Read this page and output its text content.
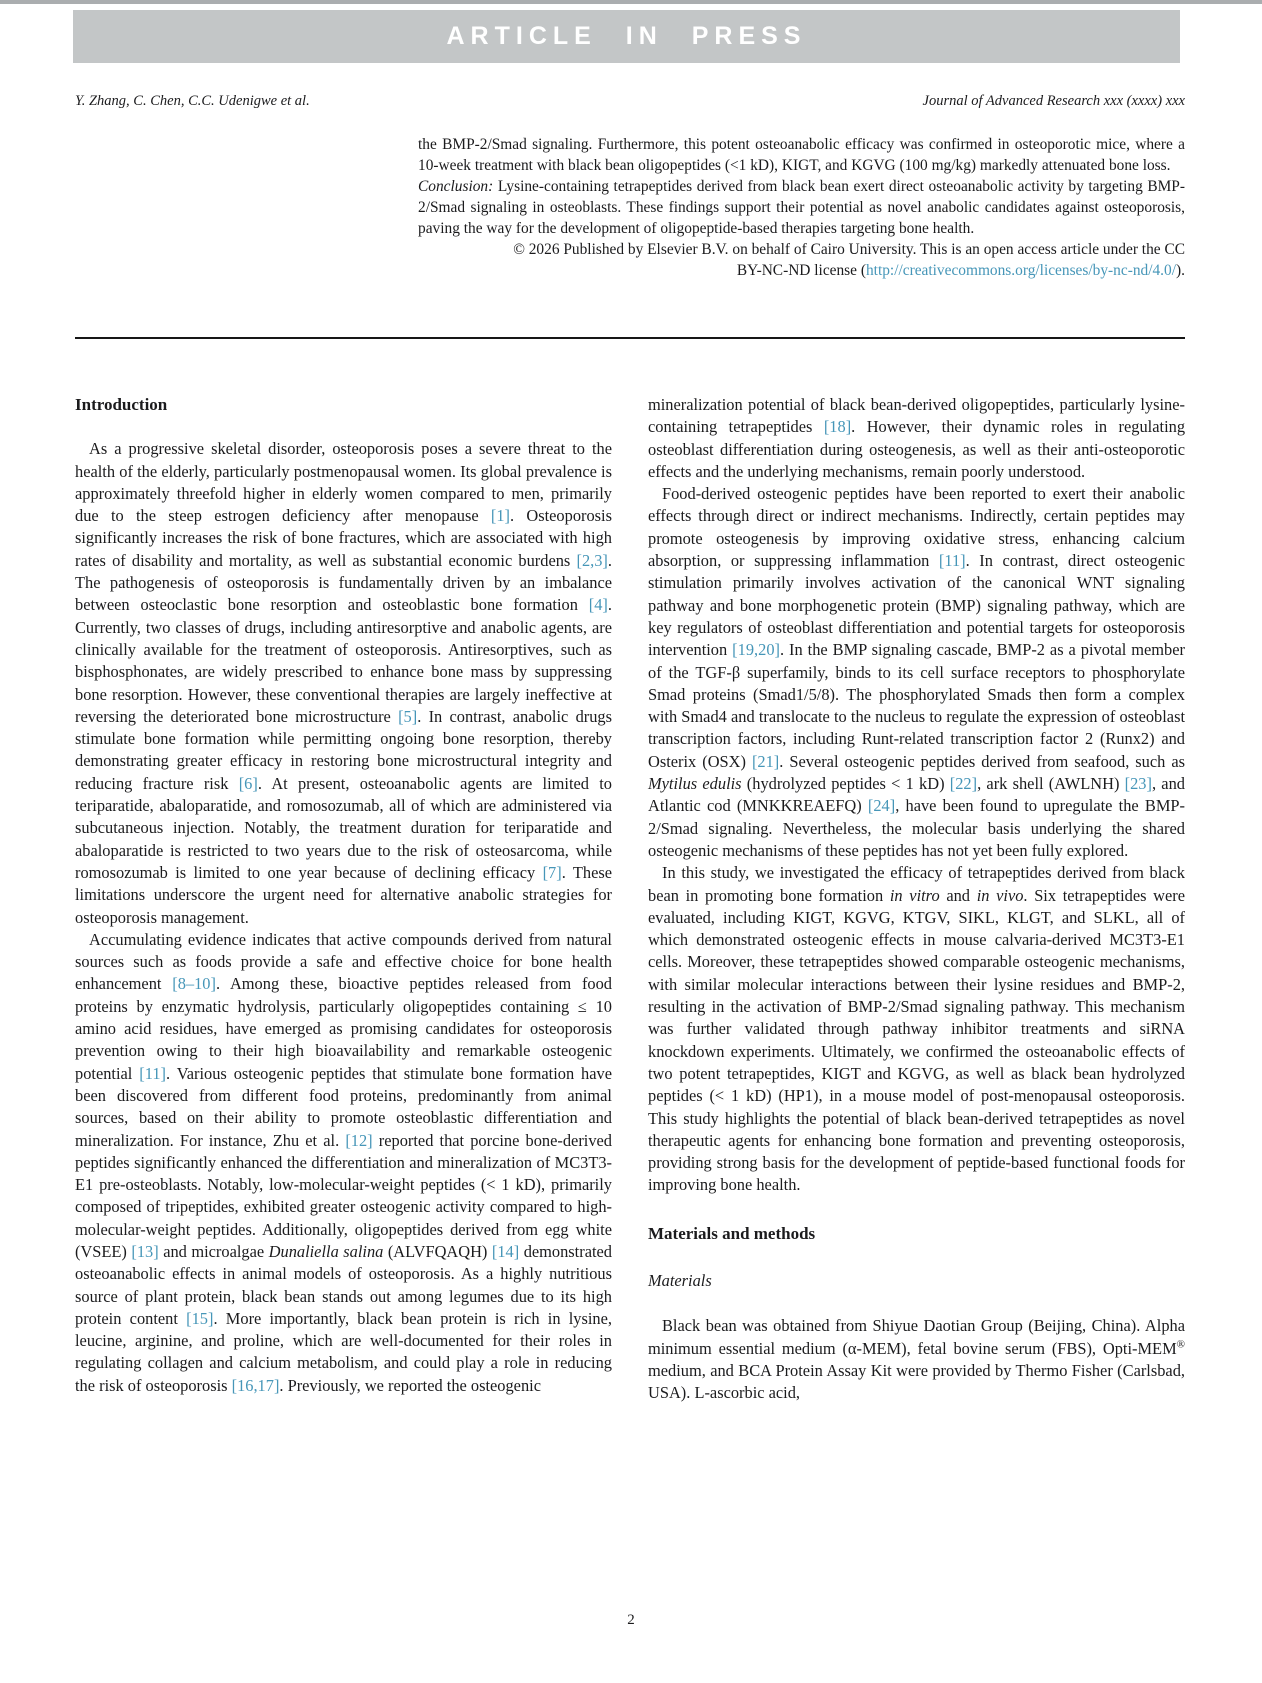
ARTICLE IN PRESS
Y. Zhang, C. Chen, C.C. Udenigwe et al.	Journal of Advanced Research xxx (xxxx) xxx

the BMP-2/Smad signaling. Furthermore, this potent osteoanabolic efficacy was confirmed in osteoporotic mice, where a 10-week treatment with black bean oligopeptides (<1 kD), KIGT, and KGVG (100 mg/kg) markedly attenuated bone loss.

Conclusion: Lysine-containing tetrapeptides derived from black bean exert direct osteoanabolic activity by targeting BMP-2/Smad signaling in osteoblasts. These findings support their potential as novel anabolic candidates against osteoporosis, paving the way for the development of oligopeptide-based therapies targeting bone health.

© 2026 Published by Elsevier B.V. on behalf of Cairo University. This is an open access article under the CC

BY-NC-ND license (http://creativecommons.org/licenses/by-nc-nd/4.0/).

Introduction

As a progressive skeletal disorder, osteoporosis poses a severe threat to the health of the elderly, particularly postmenopausal women. Its global prevalence is approximately threefold higher in elderly women compared to men, primarily due to the steep estrogen deficiency after menopause [1]. Osteoporosis significantly increases the risk of bone fractures, which are associated with high rates of disability and mortality, as well as substantial economic burdens [2,3]. The pathogenesis of osteoporosis is fundamentally driven by an imbalance between osteoclastic bone resorption and osteoblastic bone formation [4]. Currently, two classes of drugs, including antiresorptive and anabolic agents, are clinically available for the treatment of osteoporosis. Antiresorptives, such as bisphosphonates, are widely prescribed to enhance bone mass by suppressing bone resorption. However, these conventional therapies are largely ineffective at reversing the deteriorated bone microstructure [5]. In contrast, anabolic drugs stimulate bone formation while permitting ongoing bone resorption, thereby demonstrating greater efficacy in restoring bone microstructural integrity and reducing fracture risk [6]. At present, osteoanabolic agents are limited to teriparatide, abaloparatide, and romosozumab, all of which are administered via subcutaneous injection. Notably, the treatment duration for teriparatide and abaloparatide is restricted to two years due to the risk of osteosarcoma, while romosozumab is limited to one year because of declining efficacy [7]. These limitations underscore the urgent need for alternative anabolic strategies for osteoporosis management.

Accumulating evidence indicates that active compounds derived from natural sources such as foods provide a safe and effective choice for bone health enhancement [8–10]. Among these, bioactive peptides released from food proteins by enzymatic hydrolysis, particularly oligopeptides containing ≤ 10 amino acid residues, have emerged as promising candidates for osteoporosis prevention owing to their high bioavailability and remarkable osteogenic potential [11]. Various osteogenic peptides that stimulate bone formation have been discovered from different food proteins, predominantly from animal sources, based on their ability to promote osteoblastic differentiation and mineralization. For instance, Zhu et al. [12] reported that porcine bone-derived peptides significantly enhanced the differentiation and mineralization of MC3T3-E1 pre-osteoblasts. Notably, low-molecular-weight peptides (< 1 kD), primarily composed of tripeptides, exhibited greater osteogenic activity compared to high-molecular-weight peptides. Additionally, oligopeptides derived from egg white (VSEE) [13] and microalgae Dunaliella salina (ALVFQAQH) [14] demonstrated osteoanabolic effects in animal models of osteoporosis. As a highly nutritious source of plant protein, black bean stands out among legumes due to its high protein content [15]. More importantly, black bean protein is rich in lysine, leucine, arginine, and proline, which are well-documented for their roles in regulating collagen and calcium metabolism, and could play a role in reducing the risk of osteoporosis [16,17]. Previously, we reported the osteogenic

mineralization potential of black bean-derived oligopeptides, particularly lysine-containing tetrapeptides [18]. However, their dynamic roles in regulating osteoblast differentiation during osteogenesis, as well as their anti-osteoporotic effects and the underlying mechanisms, remain poorly understood.

Food-derived osteogenic peptides have been reported to exert their anabolic effects through direct or indirect mechanisms. Indirectly, certain peptides may promote osteogenesis by improving oxidative stress, enhancing calcium absorption, or suppressing inflammation [11]. In contrast, direct osteogenic stimulation primarily involves activation of the canonical WNT signaling pathway and bone morphogenetic protein (BMP) signaling pathway, which are key regulators of osteoblast differentiation and potential targets for osteoporosis intervention [19,20]. In the BMP signaling cascade, BMP-2 as a pivotal member of the TGF-β superfamily, binds to its cell surface receptors to phosphorylate Smad proteins (Smad1/5/8). The phosphorylated Smads then form a complex with Smad4 and translocate to the nucleus to regulate the expression of osteoblast transcription factors, including Runt-related transcription factor 2 (Runx2) and Osterix (OSX) [21]. Several osteogenic peptides derived from seafood, such as Mytilus edulis (hydrolyzed peptides < 1 kD) [22], ark shell (AWLNH) [23], and Atlantic cod (MNKKREAEFQ) [24], have been found to upregulate the BMP-2/Smad signaling. Nevertheless, the molecular basis underlying the shared osteogenic mechanisms of these peptides has not yet been fully explored.

In this study, we investigated the efficacy of tetrapeptides derived from black bean in promoting bone formation in vitro and in vivo. Six tetrapeptides were evaluated, including KIGT, KGVG, KTGV, SIKL, KLGT, and SLKL, all of which demonstrated osteogenic effects in mouse calvaria-derived MC3T3-E1 cells. Moreover, these tetrapeptides showed comparable osteogenic mechanisms, with similar molecular interactions between their lysine residues and BMP-2, resulting in the activation of BMP-2/Smad signaling pathway. This mechanism was further validated through pathway inhibitor treatments and siRNA knockdown experiments. Ultimately, we confirmed the osteoanabolic effects of two potent tetrapeptides, KIGT and KGVG, as well as black bean hydrolyzed peptides (< 1 kD) (HP1), in a mouse model of post-menopausal osteoporosis. This study highlights the potential of black bean-derived tetrapeptides as novel therapeutic agents for enhancing bone formation and preventing osteoporosis, providing strong basis for the development of peptide-based functional foods for improving bone health.

Materials and methods
Materials

Black bean was obtained from Shiyue Daotian Group (Beijing, China). Alpha minimum essential medium (α-MEM), fetal bovine serum (FBS), Opti-MEM® medium, and BCA Protein Assay Kit were provided by Thermo Fisher (Carlsbad, USA). L-ascorbic acid,

2
